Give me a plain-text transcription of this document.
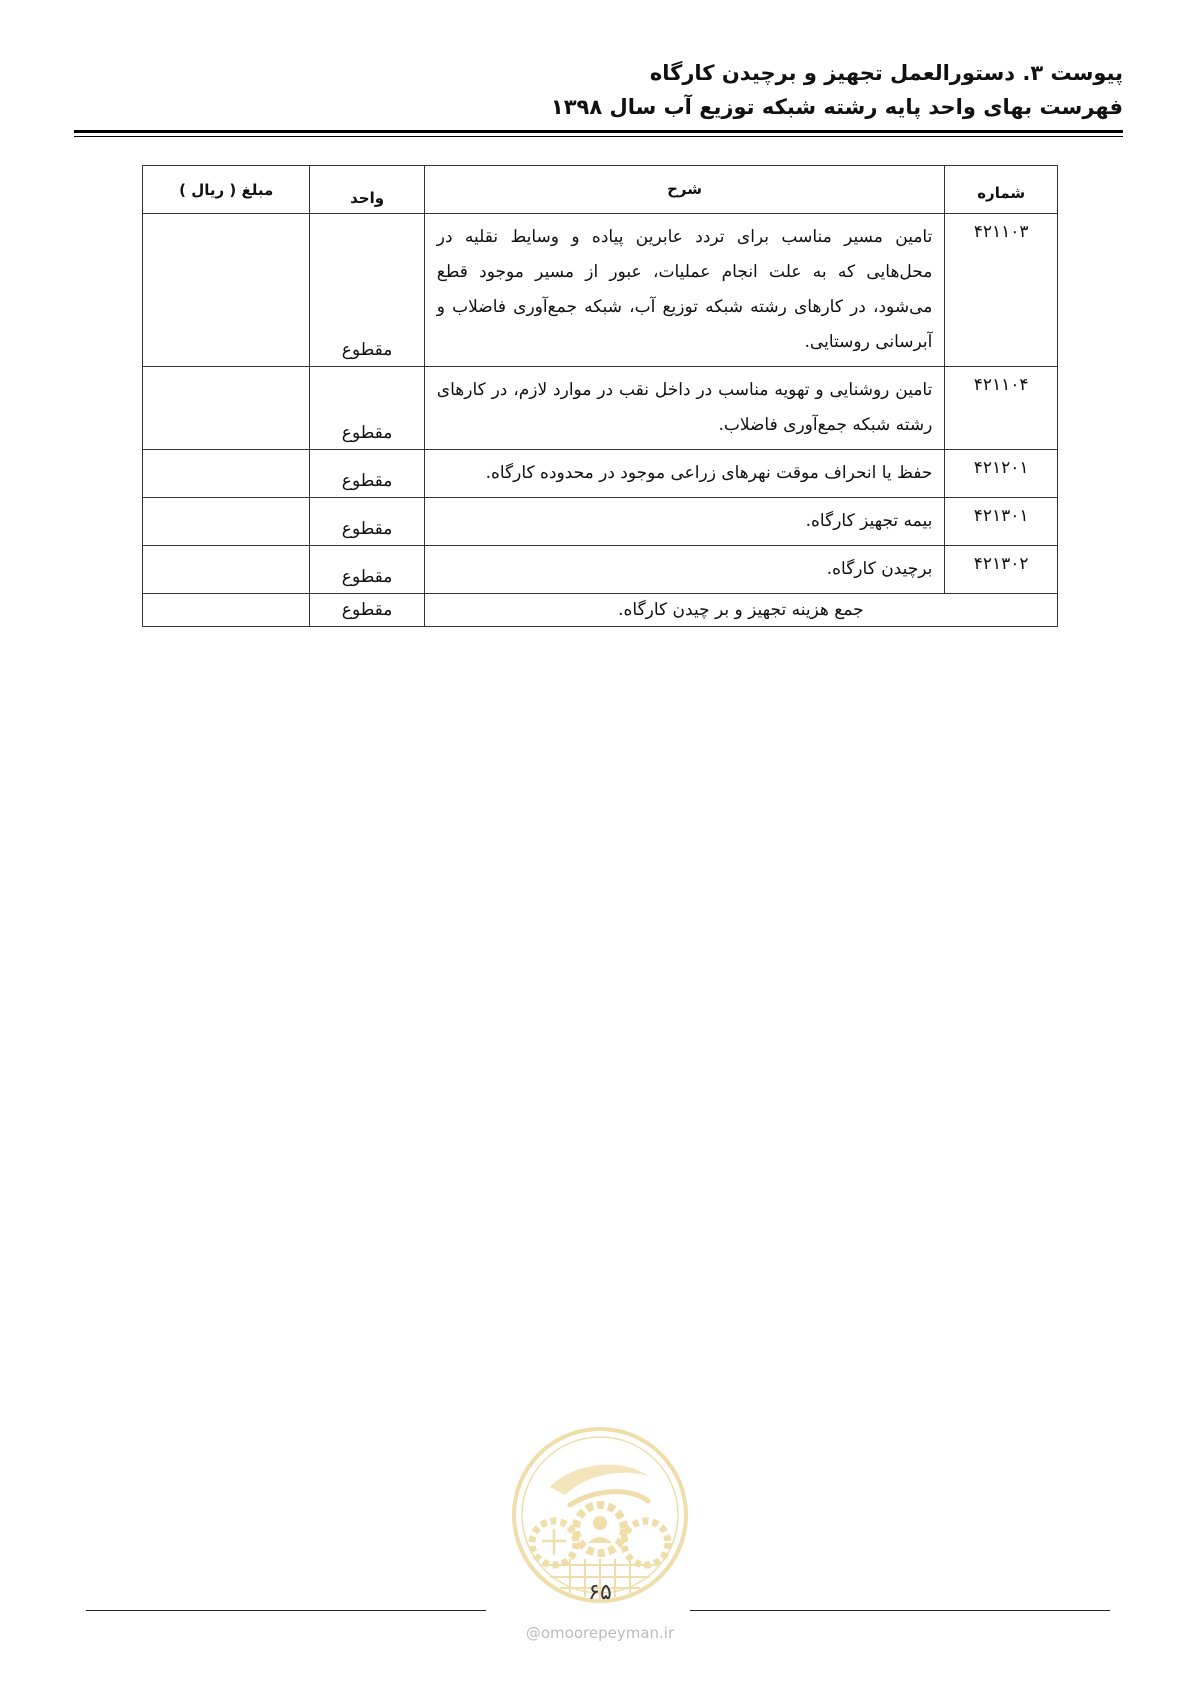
پیوست ۳. دستورالعمل تجهیز و برچیدن کارگاه
فهرست بهای واحد پایه رشته شبکه توزیع آب سال ۱۳۹۸
شماره	شرح	واحد	مبلغ ( ریال )
۴۲۱۱۰۳	تامین مسیر مناسب برای تردد عابرین پیاده و وسایط نقلیه در محل‌هایی که به علت انجام عملیات، عبور از مسیر موجود قطع می‌شود، در کارهای رشته شبکه توزیع آب، شبکه جمع‌آوری فاضلاب و آبرسانی روستایی.	مقطوع	
۴۲۱۱۰۴	تامین روشنایی و تهویه مناسب در داخل نقب در موارد لازم، در کارهای رشته شبکه جمع‌آوری فاضلاب.	مقطوع	
۴۲۱۲۰۱	حفظ یا انحراف موقت نهرهای زراعی موجود در محدوده کارگاه.	مقطوع	
۴۲۱۳۰۱	بیمه تجهیز کارگاه.	مقطوع	
۴۲۱۳۰۲	برچیدن کارگاه.	مقطوع	
جمع هزینه تجهیز و بر چیدن کارگاه.		مقطوع	
۶۵
@omoorepeyman.ir
